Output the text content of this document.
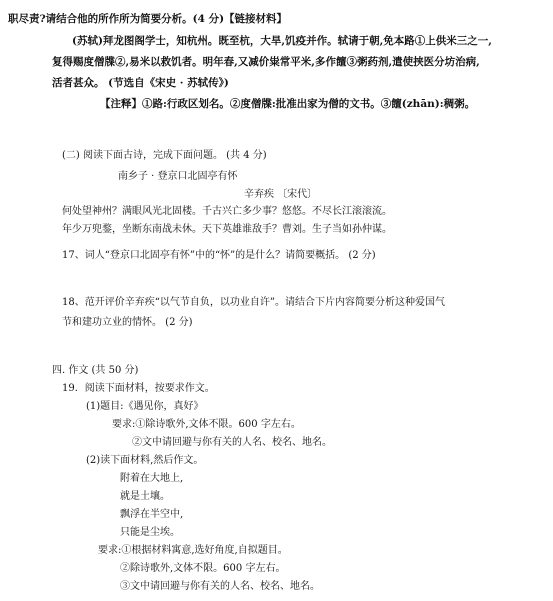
职尽责?请结合他的所作所为简要分析。(4 分)【链接材料】
(苏轼)拜龙图阁学士，知杭州。既至杭，大旱,饥疫并作。轼请于朝,免本路①上供米三之一,
复得赐度僧牒②,易米以救饥者。明年春,又减价粜常平米,多作饘③粥药剂,遣使挟医分坊治病,
活者甚众。 (节选自《宋史 · 苏轼传》)
【注释】①路:行政区划名。②度僧牒:批准出家为僧的文书。③饘(zhān):稠粥。
(二) 阅读下面古诗，完成下面问题。 (共 4 分)
南乡子 · 登京口北固亭有怀
辛弃疾 〔宋代〕
何处望神州？满眼风光北固楼。千古兴亡多少事？悠悠。不尽长江滚滚流。
年少万兜鍪，坐断东南战未休。天下英雄谁敌手？曹刘。生子当如孙仲谋。
17、词人“登京口北固亭有怀”中的“怀”的是什么？请简要概括。 (2 分)
18、范开评价辛弃疾“以气节自负，以功业自许”。请结合下片内容简要分析这种爱国气
节和建功立业的情怀。 (2 分)
四. 作文 (共 50 分)
19．阅读下面材料，按要求作文。
(1)题目:《遇见你，真好》
要求:①除诗歌外,文体不限。600 字左右。
②文中请回避与你有关的人名、校名、地名。
(2)读下面材料,然后作文。
附着在大地上,
就是土壤。
飘浮在半空中,
只能是尘埃。
要求:①根据材料寓意,选好角度,自拟题目。
②除诗歌外,文体不限。600 字左右。
③文中请回避与你有关的人名、校名、地名。
